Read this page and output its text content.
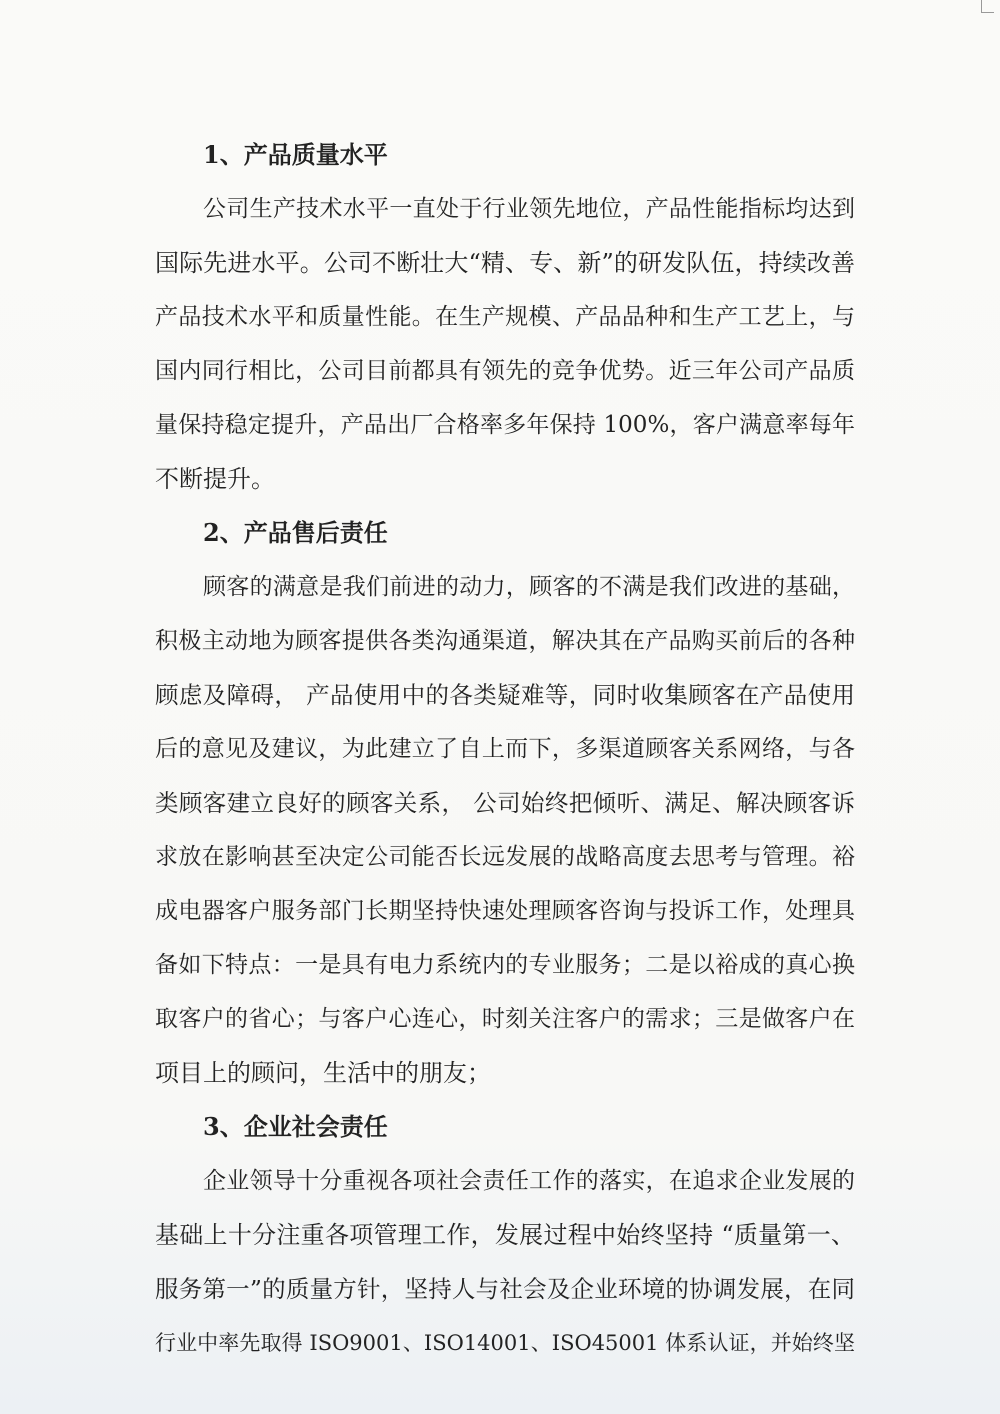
1、产品质量水平

公司生产技术水平一直处于行业领先地位，产品性能指标均达到

国际先进水平。公司不断壮大“精、专、新”的研发队伍，持续改善

产品技术水平和质量性能。在生产规模、产品品种和生产工艺上，与

国内同行相比，公司目前都具有领先的竞争优势。近三年公司产品质

量保持稳定提升，产品出厂合格率多年保持 100%，客户满意率每年

不断提升。

2、产品售后责任

顾客的满意是我们前进的动力，顾客的不满是我们改进的基础，

积极主动地为顾客提供各类沟通渠道，解决其在产品购买前后的各种

顾虑及障碍， 产品使用中的各类疑难等，同时收集顾客在产品使用

后的意见及建议，为此建立了自上而下，多渠道顾客关系网络，与各

类顾客建立良好的顾客关系， 公司始终把倾听、满足、解决顾客诉

求放在影响甚至决定公司能否长远发展的战略高度去思考与管理。裕

成电器客户服务部门长期坚持快速处理顾客咨询与投诉工作，处理具

备如下特点：一是具有电力系统内的专业服务；二是以裕成的真心换

取客户的省心；与客户心连心，时刻关注客户的需求；三是做客户在

项目上的顾问，生活中的朋友；

3、企业社会责任

企业领导十分重视各项社会责任工作的落实，在追求企业发展的

基础上十分注重各项管理工作，发展过程中始终坚持 “质量第一、

服务第一”的质量方针，坚持人与社会及企业环境的协调发展，在同

行业中率先取得 ISO9001、ISO14001、ISO45001 体系认证，并始终坚
